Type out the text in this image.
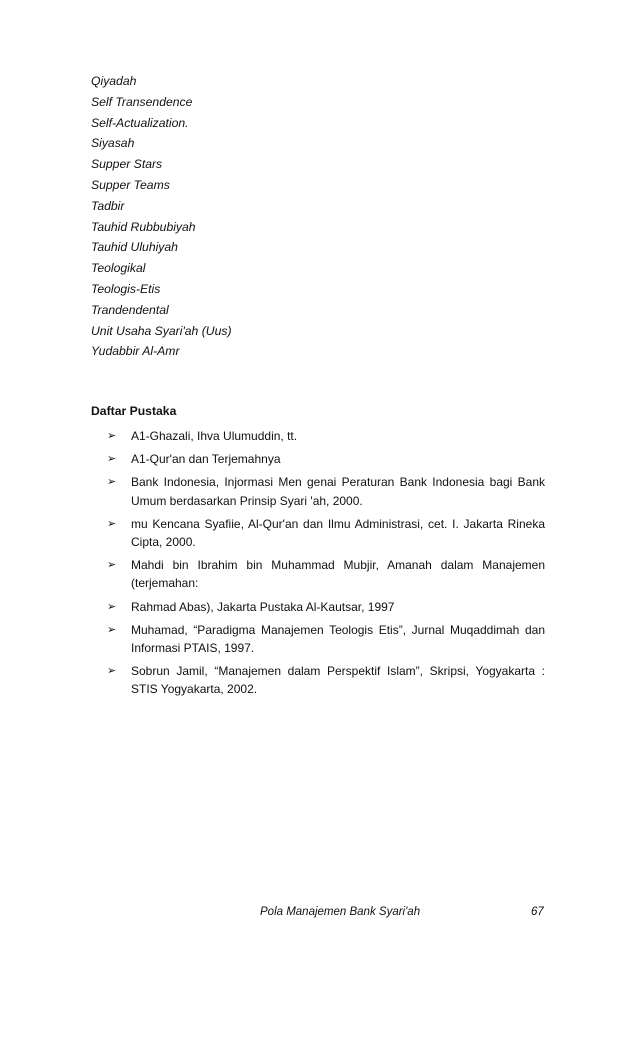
Qiyadah
Self Transendence
Self-Actualization.
Siyasah
Supper Stars
Supper Teams
Tadbir
Tauhid Rubbubiyah
Tauhid Uluhiyah
Teologikal
Teologis-Etis
Trandendental
Unit Usaha Syari'ah (Uus)
Yudabbir Al-Amr
Daftar Pustaka
➢ A1-Ghazali, Ihva Ulumuddin, tt.
➢ A1-Qur'an dan Terjemahnya
➢ Bank Indonesia, Injormasi Men genai Peraturan Bank Indonesia bagi Bank Umum berdasarkan Prinsip Syari 'ah, 2000.
➢ mu Kencana Syafiie, Al-Qur'an dan Ilmu Administrasi, cet. I. Jakarta Rineka Cipta, 2000.
➢ Mahdi bin Ibrahim bin Muhammad Mubjir, Amanah dalam Manajemen (terjemahan:
➢ Rahmad Abas), Jakarta Pustaka Al-Kautsar, 1997
➢ Muhamad, “Paradigma Manajemen Teologis Etis”, Jurnal Muqaddimah dan Informasi PTAIS, 1997.
➢ Sobrun Jamil, “Manajemen dalam Perspektif Islam”, Skripsi, Yogyakarta : STIS Yogyakarta, 2002.
Pola Manajemen Bank Syari'ah	67
